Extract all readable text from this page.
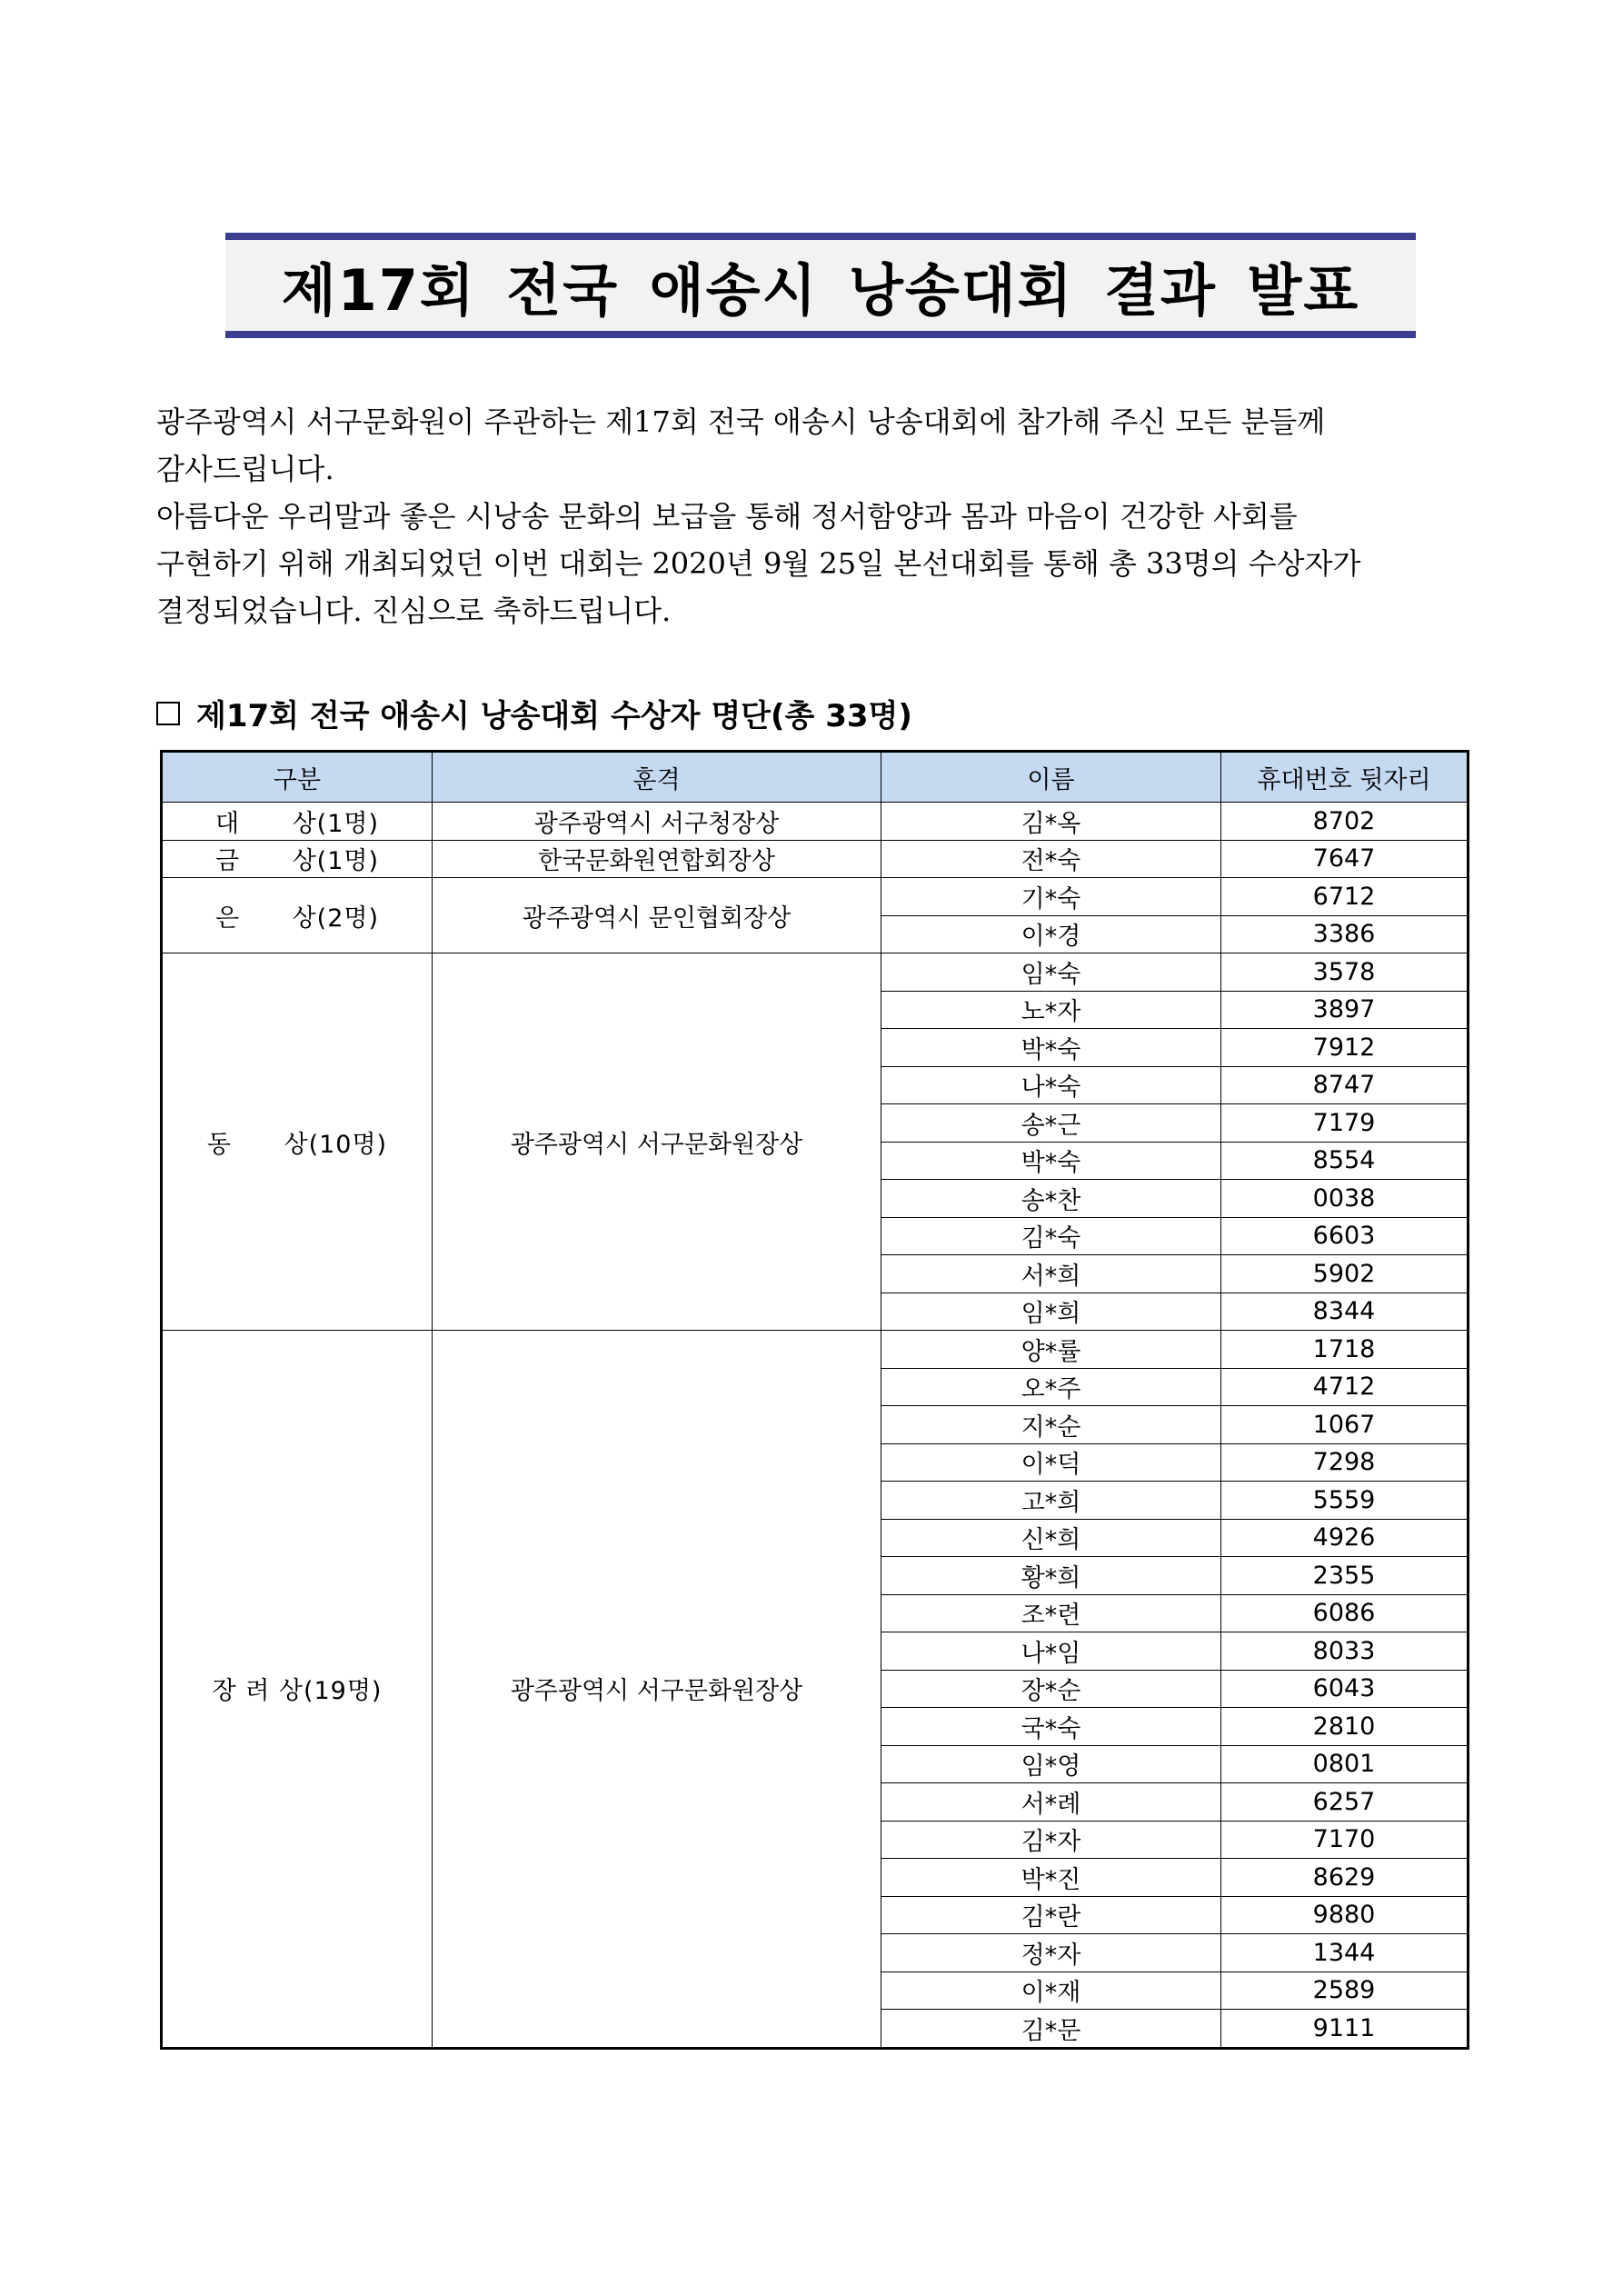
제17회 전국 애송시 낭송대회 결과 발표

광주광역시 서구문화원이 주관하는 제17회 전국 애송시 낭송대회에 참가해 주신 모든 분들께

감사드립니다.

아름다운 우리말과 좋은 시낭송 문화의 보급을 통해 정서함양과 몸과 마음이 건강한 사회를

구현하기 위해 개최되었던 이번 대회는 2020년 9월 25일 본선대회를 통해 총 33명의 수상자가

결정되었습니다. 진심으로 축하드립니다.

제17회 전국 애송시 낭송대회 수상자 명단(총 33명)
구분	훈격	이름	휴대번호 뒷자리
대      상(1명)	광주광역시 서구청장상	김*옥	8702
금      상(1명)	한국문화원연합회장상	전*숙	7647
은      상(2명)	광주광역시 문인협회장상	기*숙	6712
		이*경	3386
동      상(10명)	광주광역시 서구문화원장상	임*숙	3578
		노*자	3897
		박*숙	7912
		나*숙	8747
		송*근	7179
		박*숙	8554
		송*찬	0038
		김*숙	6603
		서*희	5902
		임*희	8344
장 려 상(19명)	광주광역시 서구문화원장상	양*률	1718
		오*주	4712
		지*순	1067
		이*덕	7298
		고*희	5559
		신*희	4926
		황*희	2355
		조*련	6086
		나*임	8033
		장*순	6043
		국*숙	2810
		임*영	0801
		서*례	6257
		김*자	7170
		박*진	8629
		김*란	9880
		정*자	1344
		이*재	2589
		김*문	9111
